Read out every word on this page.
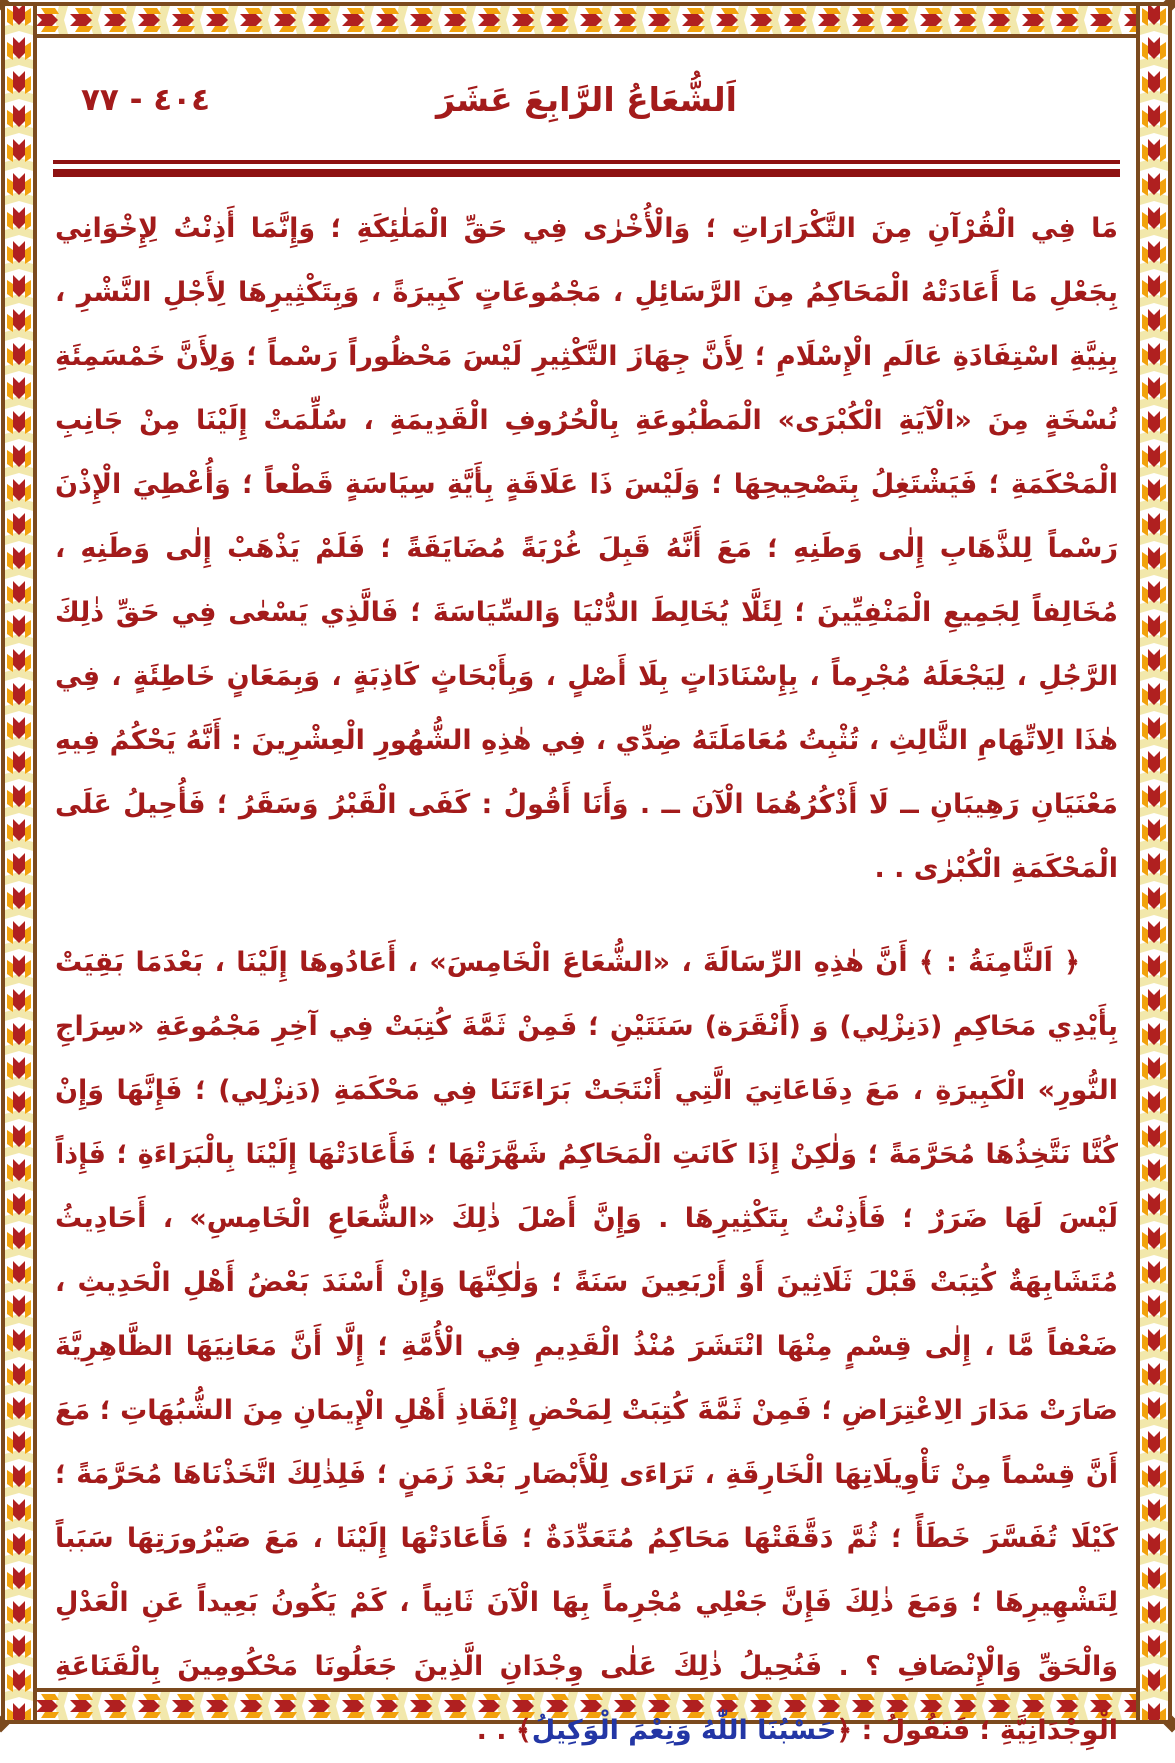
اَلشُّعَاعُ الرَّابِعَ عَشَرَ
٧٧ - ٤٠٤

مَا فِي الْقُرْآنِ مِنَ التَّكْرَارَاتِ ؛ وَالْأُخْرٰى فِي حَقِّ الْمَلٰئِكَةِ ؛ وَإِنَّمَا أَذِنْتُ لِإِخْوَانِي بِجَعْلِ مَا أَعَادَتْهُ الْمَحَاكِمُ مِنَ الرَّسَائِلِ ، مَجْمُوعَاتٍ كَبِيرَةً ، وَبِتَكْثِيرِهَا لِأَجْلِ النَّشْرِ ، بِنِيَّةِ اسْتِفَادَةِ عَالَمِ الْإِسْلَامِ ؛ لِأَنَّ جِهَازَ التَّكْثِيرِ لَيْسَ مَحْظُوراً رَسْماً ؛ وَلِأَنَّ خَمْسَمِئَةِ نُسْخَةٍ مِنَ «الْآيَةِ الْكُبْرَى» الْمَطْبُوعَةِ بِالْحُرُوفِ الْقَدِيمَةِ ، سُلِّمَتْ إِلَيْنَا مِنْ جَانِبِ الْمَحْكَمَةِ ؛ فَيَشْتَغِلُ بِتَصْحِيحِهَا ؛ وَلَيْسَ ذَا عَلَاقَةٍ بِأَيَّةِ سِيَاسَةٍ قَطْعاً ؛ وَأُعْطِيَ الْإِذْنَ رَسْماً لِلذَّهَابِ إِلٰى وَطَنِهِ ؛ مَعَ أَنَّهُ قَبِلَ غُرْبَةً مُضَايَقَةً ؛ فَلَمْ يَذْهَبْ إِلٰى وَطَنِهِ ، مُخَالِفاً لِجَمِيعِ الْمَنْفِيِّينَ ؛ لِئَلَّا يُخَالِطَ الدُّنْيَا وَالسِّيَاسَةَ ؛ فَالَّذِي يَسْعٰى فِي حَقِّ ذٰلِكَ الرَّجُلِ ، لِيَجْعَلَهُ مُجْرِماً ، بِإِسْنَادَاتٍ بِلَا أَصْلٍ ، وَبِأَبْحَاثٍ كَاذِبَةٍ ، وَبِمَعَانٍ خَاطِئَةٍ ، فِي هٰذَا الِاتِّهَامِ الثَّالِثِ ، تُثْبِتُ مُعَامَلَتَهُ ضِدِّي ، فِي هٰذِهِ الشُّهُورِ الْعِشْرِينَ : أَنَّهُ يَحْكُمُ فِيهِ مَعْنَيَانِ رَهِيبَانِ ــ لَا أَذْكُرُهُمَا الْآنَ ــ . وَأَنَا أَقُولُ : كَفَى الْقَبْرُ وَسَقَرُ ؛ فَأُحِيلُ عَلَى الْمَحْكَمَةِ الْكُبْرٰى . .

﴿ اَلثَّامِنَةُ : ﴾ أَنَّ هٰذِهِ الرِّسَالَةَ ، «الشُّعَاعَ الْخَامِسَ» ، أَعَادُوهَا إِلَيْنَا ، بَعْدَمَا بَقِيَتْ بِأَيْدِي مَحَاكِمِ (دَنِزْلِي) وَ (أَنْقَرَة) سَنَتَيْنِ ؛ فَمِنْ ثَمَّةَ كُتِبَتْ فِي آخِرِ مَجْمُوعَةِ «سِرَاجِ النُّورِ» الْكَبِيرَةِ ، مَعَ دِفَاعَاتِيَ الَّتِي أَنْتَجَتْ بَرَاءَتَنَا فِي مَحْكَمَةِ (دَنِزْلِي) ؛ فَإِنَّهَا وَإِنْ كُنَّا نَتَّخِذُهَا مُحَرَّمَةً ؛ وَلٰكِنْ إِذَا كَانَتِ الْمَحَاكِمُ شَهَّرَتْهَا ؛ فَأَعَادَتْهَا إِلَيْنَا بِالْبَرَاءَةِ ؛ فَإِذاً لَيْسَ لَهَا ضَرَرٌ ؛ فَأَذِنْتُ بِتَكْثِيرِهَا . وَإِنَّ أَصْلَ ذٰلِكَ «الشُّعَاعِ الْخَامِسِ» ، أَحَادِيثُ مُتَشَابِهَةٌ كُتِبَتْ قَبْلَ ثَلَاثِينَ أَوْ أَرْبَعِينَ سَنَةً ؛ وَلٰكِنَّهَا وَإِنْ أَسْنَدَ بَعْضُ أَهْلِ الْحَدِيثِ ، ضَعْفاً مَّا ، إِلٰى قِسْمٍ مِنْهَا انْتَشَرَ مُنْذُ الْقَدِيمِ فِي الْأُمَّةِ ؛ إِلَّا أَنَّ مَعَانِيَهَا الظَّاهِرِيَّةَ صَارَتْ مَدَارَ الِاعْتِرَاضِ ؛ فَمِنْ ثَمَّةَ كُتِبَتْ لِمَحْضِ إِنْقَاذِ أَهْلِ الْإِيمَانِ مِنَ الشُّبُهَاتِ ؛ مَعَ أَنَّ قِسْماً مِنْ تَأْوِيلَاتِهَا الْخَارِقَةِ ، تَرَاءَى لِلْأَبْصَارِ بَعْدَ زَمَنٍ ؛ فَلِذٰلِكَ اتَّخَذْنَاهَا مُحَرَّمَةً ؛ كَيْلَا تُفَسَّرَ خَطَأً ؛ ثُمَّ دَقَّقَتْهَا مَحَاكِمُ مُتَعَدِّدَةٌ ؛ فَأَعَادَتْهَا إِلَيْنَا ، مَعَ صَيْرُورَتِهَا سَبَباً لِتَشْهِيرِهَا ؛ وَمَعَ ذٰلِكَ فَإِنَّ جَعْلِي مُجْرِماً بِهَا الْآنَ ثَانِياً ، كَمْ يَكُونُ بَعِيداً عَنِ الْعَدْلِ وَالْحَقِّ وَالْإِنْصَافِ ؟ . فَنُحِيلُ ذٰلِكَ عَلٰى وِجْدَانِ الَّذِينَ جَعَلُونَا مَحْكُومِينَ بِالْقَنَاعَةِ الْوِجْدَانِيَّةِ ؛ فَنَقُولُ : ﴿حَسْبُنَا اللّٰهُ وَنِعْمَ الْوَكِيلُ﴾ . .
